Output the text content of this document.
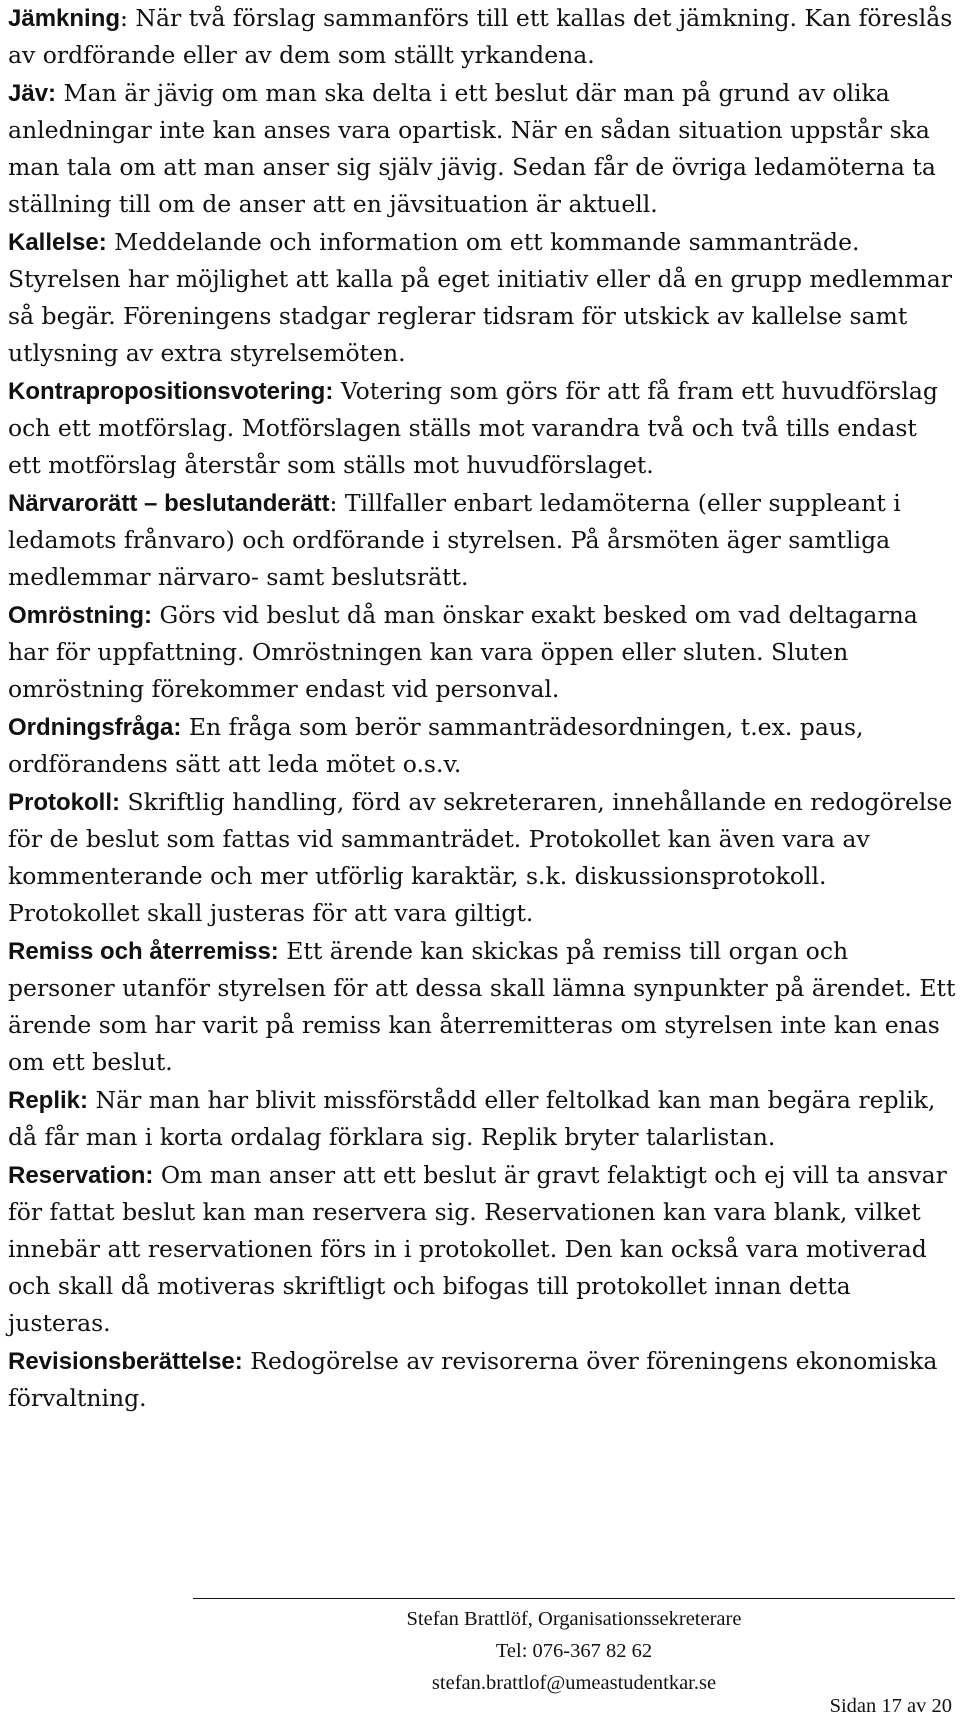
Jämkning: När två förslag sammanförs till ett kallas det jämkning. Kan föreslås av ordförande eller av dem som ställt yrkandena.

Jäv: Man är jävig om man ska delta i ett beslut där man på grund av olika anledningar inte kan anses vara opartisk. När en sådan situation uppstår ska man tala om att man anser sig själv jävig. Sedan får de övriga ledamöterna ta ställning till om de anser att en jävsituation är aktuell.

Kallelse: Meddelande och information om ett kommande sammanträde. Styrelsen har möjlighet att kalla på eget initiativ eller då en grupp medlemmar så begär. Föreningens stadgar reglerar tidsram för utskick av kallelse samt utlysning av extra styrelsemöten.

Kontrapropositionsvotering: Votering som görs för att få fram ett huvudförslag och ett motförslag. Motförslagen ställs mot varandra två och två tills endast ett motförslag återstår som ställs mot huvudförslaget.

Närvarorätt – beslutanderätt: Tillfaller enbart ledamöterna (eller suppleant i ledamots frånvaro) och ordförande i styrelsen. På årsmöten äger samtliga medlemmar närvaro- samt beslutsrätt.

Omröstning: Görs vid beslut då man önskar exakt besked om vad deltagarna har för uppfattning. Omröstningen kan vara öppen eller sluten. Sluten omröstning förekommer endast vid personval.

Ordningsfråga: En fråga som berör sammanträdesordningen, t.ex. paus, ordförandens sätt att leda mötet o.s.v.

Protokoll: Skriftlig handling, förd av sekreteraren, innehållande en redogörelse för de beslut som fattas vid sammanträdet. Protokollet kan även vara av kommenterande och mer utförlig karaktär, s.k. diskussionsprotokoll. Protokollet skall justeras för att vara giltigt.

Remiss och återremiss: Ett ärende kan skickas på remiss till organ och personer utanför styrelsen för att dessa skall lämna synpunkter på ärendet. Ett ärende som har varit på remiss kan återremitteras om styrelsen inte kan enas om ett beslut.

Replik: När man har blivit missförstådd eller feltolkad kan man begära replik, då får man i korta ordalag förklara sig. Replik bryter talarlistan.

Reservation: Om man anser att ett beslut är gravt felaktigt och ej vill ta ansvar för fattat beslut kan man reservera sig. Reservationen kan vara blank, vilket innebär att reservationen förs in i protokollet. Den kan också vara motiverad och skall då motiveras skriftligt och bifogas till protokollet innan detta justeras.

Revisionsberättelse: Redogörelse av revisorerna över föreningens ekonomiska förvaltning.

Stefan Brattlöf, Organisationssekreterare
Tel: 076-367 82 62
stefan.brattlof@umeastudentkar.se
Sidan 17 av 20
